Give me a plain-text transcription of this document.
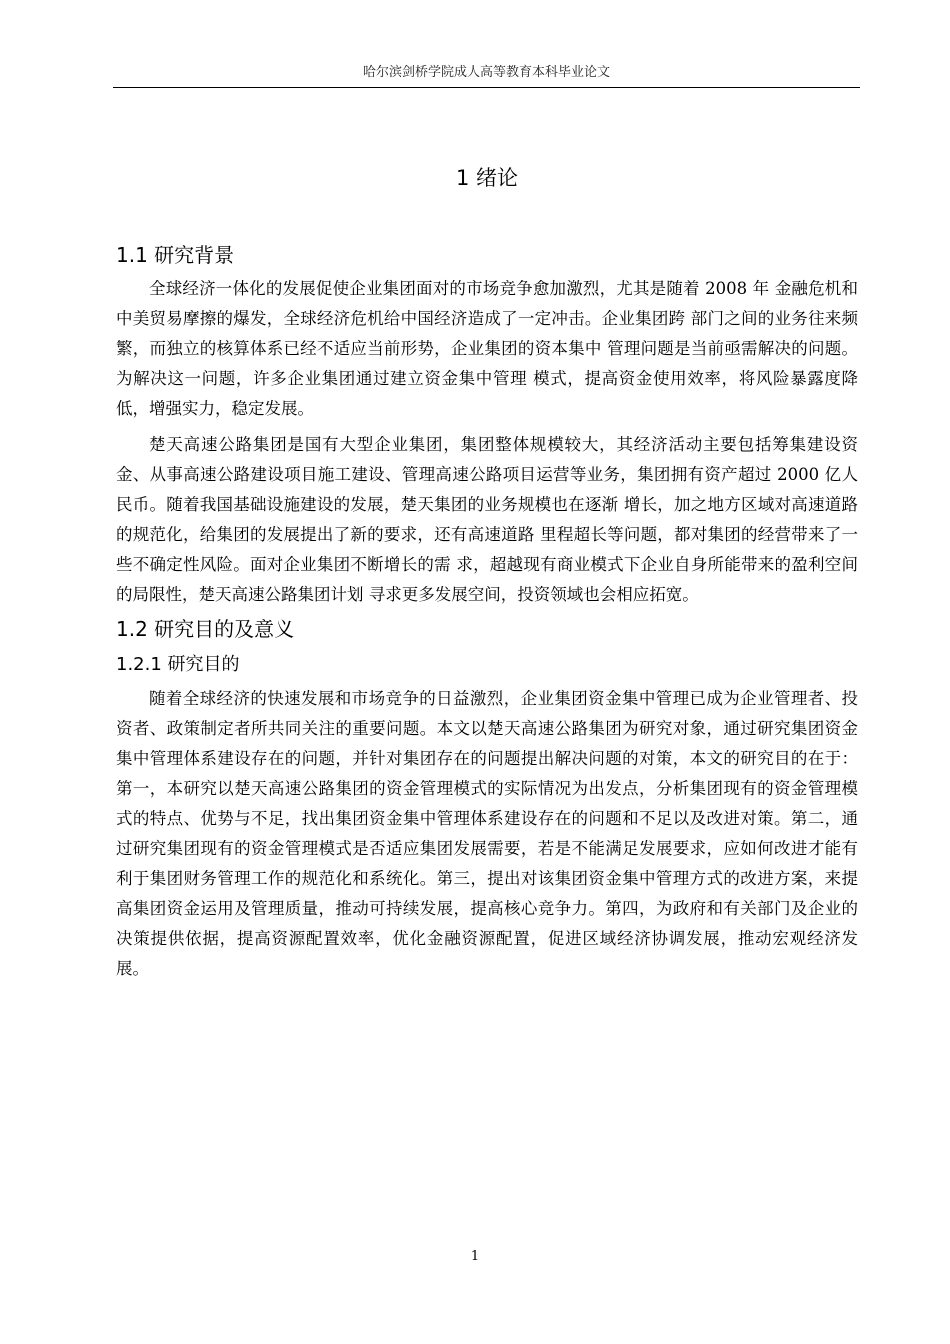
哈尔滨剑桥学院成人高等教育本科毕业论文
1 绪论
1.1 研究背景

全球经济一体化的发展促使企业集团面对的市场竞争愈加激烈，尤其是随着 2008 年 金融危机和中美贸易摩擦的爆发，全球经济危机给中国经济造成了一定冲击。企业集团跨 部门之间的业务往来频繁，而独立的核算体系已经不适应当前形势，企业集团的资本集中 管理问题是当前亟需解决的问题。为解决这一问题，许多企业集团通过建立资金集中管理 模式，提高资金使用效率，将风险暴露度降低，增强实力，稳定发展。

楚天高速公路集团是国有大型企业集团，集团整体规模较大，其经济活动主要包括筹集建设资金、从事高速公路建设项目施工建设、管理高速公路项目运营等业务，集团拥有资产超过 2000 亿人民币。随着我国基础设施建设的发展，楚天集团的业务规模也在逐渐 增长，加之地方区域对高速道路的规范化，给集团的发展提出了新的要求，还有高速道路 里程超长等问题，都对集团的经营带来了一些不确定性风险。面对企业集团不断增长的需 求，超越现有商业模式下企业自身所能带来的盈利空间的局限性，楚天高速公路集团计划 寻求更多发展空间，投资领域也会相应拓宽。

1.2 研究目的及意义
1.2.1 研究目的

随着全球经济的快速发展和市场竞争的日益激烈，企业集团资金集中管理已成为企业管理者、投资者、政策制定者所共同关注的重要问题。本文以楚天高速公路集团为研究对象，通过研究集团资金集中管理体系建设存在的问题，并针对集团存在的问题提出解决问题的对策，本文的研究目的在于：第一，本研究以楚天高速公路集团的资金管理模式的实际情况为出发点，分析集团现有的资金管理模式的特点、优势与不足，找出集团资金集中管理体系建设存在的问题和不足以及改进对策。第二，通过研究集团现有的资金管理模式是否适应集团发展需要，若是不能满足发展要求，应如何改进才能有利于集团财务管理工作的规范化和系统化。第三，提出对该集团资金集中管理方式的改进方案，来提高集团资金运用及管理质量，推动可持续发展，提高核心竞争力。第四，为政府和有关部门及企业的决策提供依据，提高资源配置效率，优化金融资源配置，促进区域经济协调发展，推动宏观经济发展。

1
